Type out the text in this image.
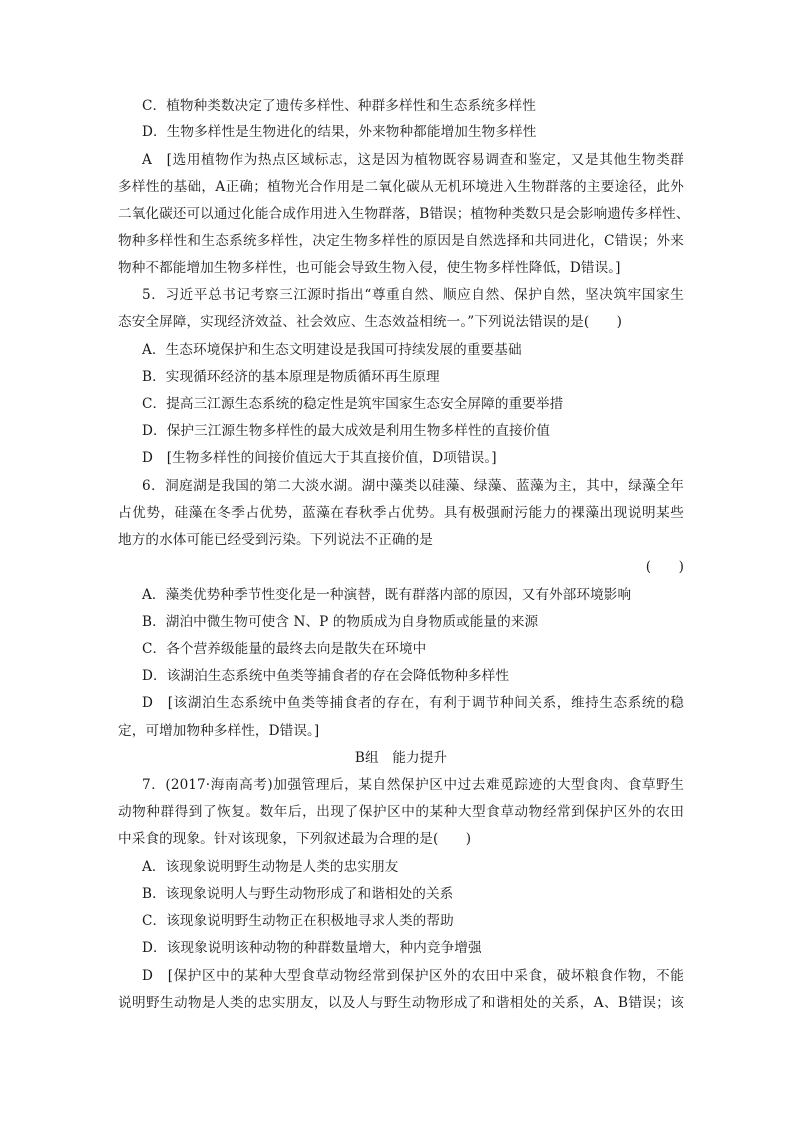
C．植物种类数决定了遗传多样性、种群多样性和生态系统多样性
D．生物多样性是生物进化的结果，外来物种都能增加生物多样性
A　[选用植物作为热点区域标志，这是因为植物既容易调查和鉴定，又是其他生物类群
多样性的基础，A正确；植物光合作用是二氧化碳从无机环境进入生物群落的主要途径，此外
二氧化碳还可以通过化能合成作用进入生物群落，B错误；植物种类数只是会影响遗传多样性、
物种多样性和生态系统多样性，决定生物多样性的原因是自然选择和共同进化，C错误；外来
物种不都能增加生物多样性，也可能会导致生物入侵，使生物多样性降低，D错误。]
5．习近平总书记考察三江源时指出“尊重自然、顺应自然、保护自然，坚决筑牢国家生
态安全屏障，实现经济效益、社会效应、生态效益相统一。”下列说法错误的是(　　)
A．生态环境保护和生态文明建设是我国可持续发展的重要基础
B．实现循环经济的基本原理是物质循环再生原理
C．提高三江源生态系统的稳定性是筑牢国家生态安全屏障的重要举措
D．保护三江源生物多样性的最大成效是利用生物多样性的直接价值
D　[生物多样性的间接价值远大于其直接价值，D项错误。]
6．洞庭湖是我国的第二大淡水湖。湖中藻类以硅藻、绿藻、蓝藻为主，其中，绿藻全年
占优势，硅藻在冬季占优势，蓝藻在春秋季占优势。具有极强耐污能力的裸藻出现说明某些
地方的水体可能已经受到污染。下列说法不正确的是
(　　)
A．藻类优势种季节性变化是一种演替，既有群落内部的原因，又有外部环境影响
B．湖泊中微生物可使含 N、P 的物质成为自身物质或能量的来源
C．各个营养级能量的最终去向是散失在环境中
D．该湖泊生态系统中鱼类等捕食者的存在会降低物种多样性
D　[该湖泊生态系统中鱼类等捕食者的存在，有利于调节种间关系，维持生态系统的稳
定，可增加物种多样性，D错误。]
B组　能力提升
7．(2017·海南高考)加强管理后，某自然保护区中过去难觅踪迹的大型食肉、食草野生
动物种群得到了恢复。数年后，出现了保护区中的某种大型食草动物经常到保护区外的农田
中采食的现象。针对该现象，下列叙述最为合理的是(　　)
A．该现象说明野生动物是人类的忠实朋友
B．该现象说明人与野生动物形成了和谐相处的关系
C．该现象说明野生动物正在积极地寻求人类的帮助
D．该现象说明该种动物的种群数量增大，种内竞争增强
D　[保护区中的某种大型食草动物经常到保护区外的农田中采食，破坏粮食作物，不能
说明野生动物是人类的忠实朋友，以及人与野生动物形成了和谐相处的关系，A、B错误；该
